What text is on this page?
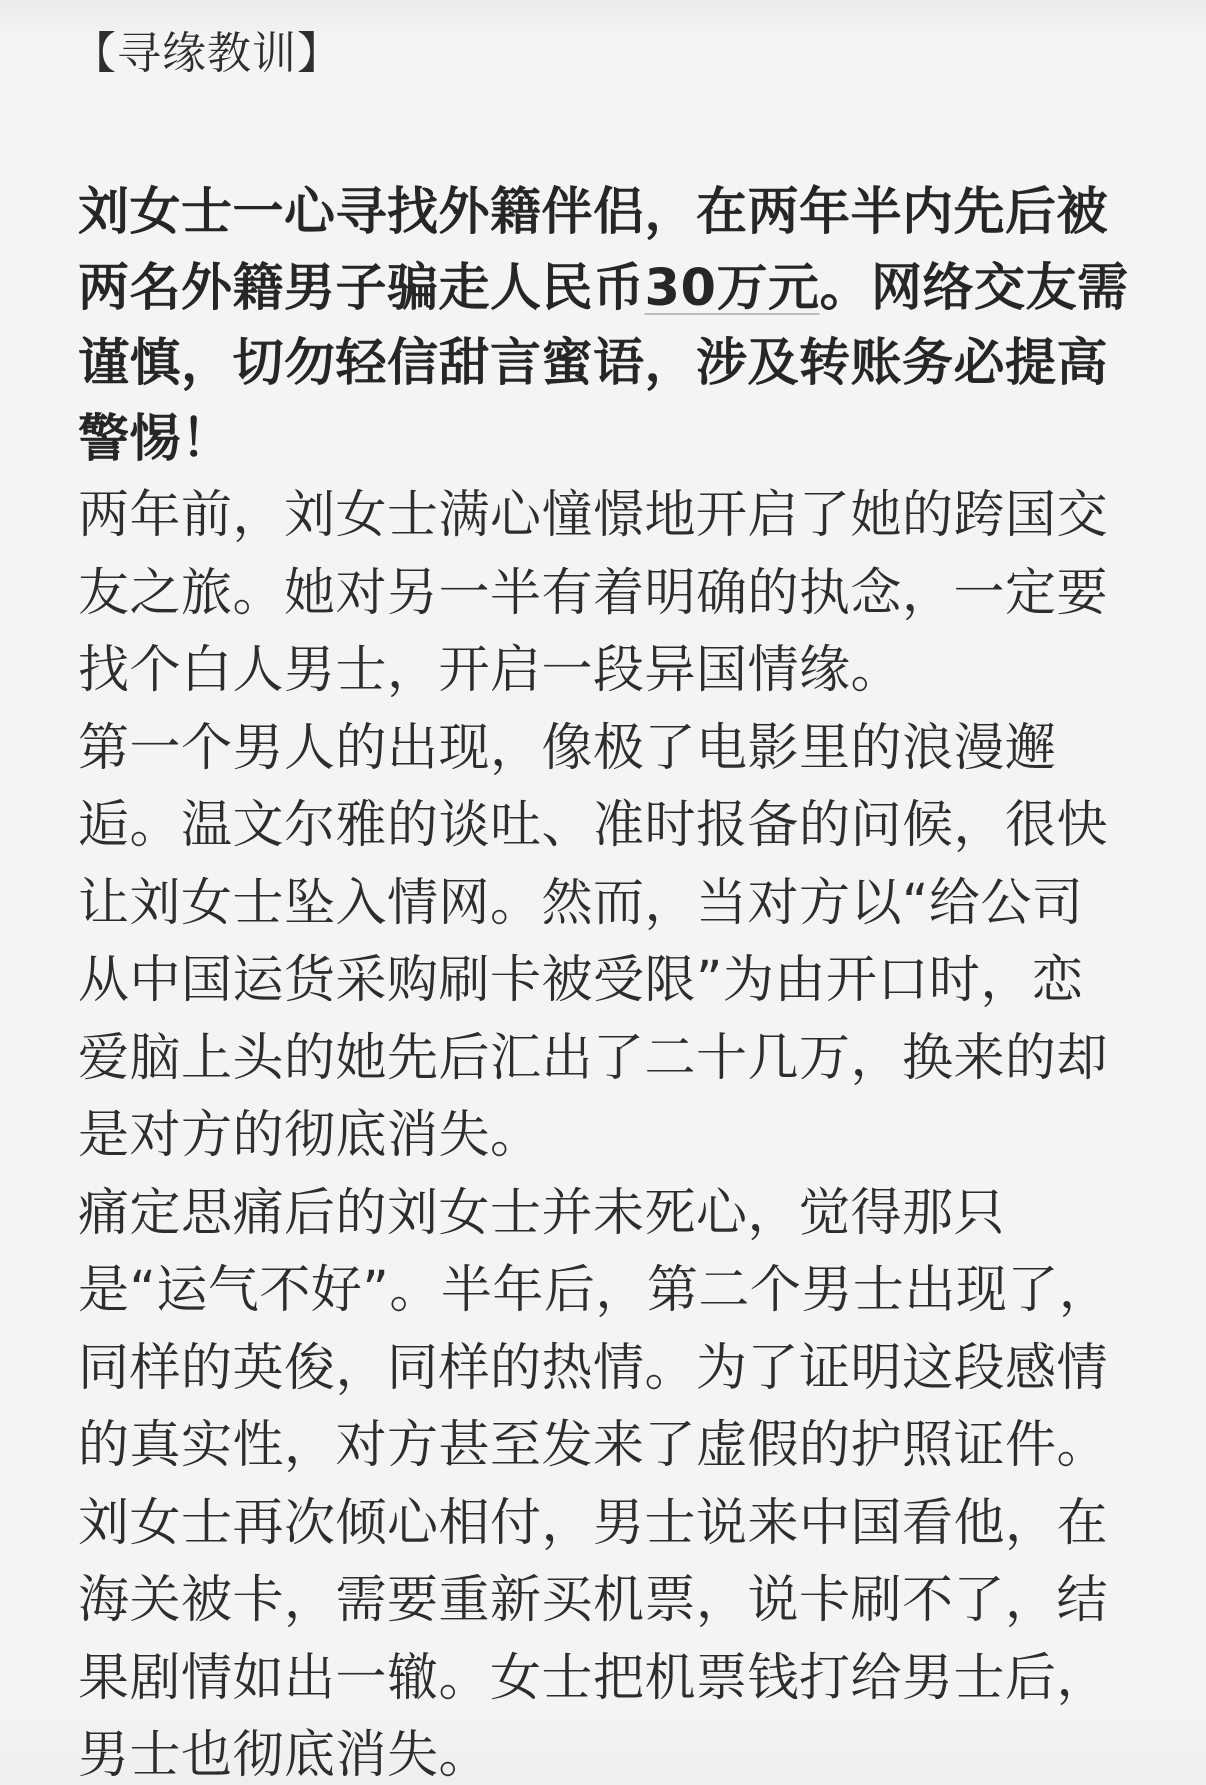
【寻缘教训】

刘女士一心寻找外籍伴侣，在两年半内先后被两名外籍男子骗走人民币30万元。网络交友需谨慎，切勿轻信甜言蜜语，涉及转账务必提高警惕！

两年前，刘女士满心憧憬地开启了她的跨国交友之旅。她对另一半有着明确的执念，一定要找个白人男士，开启一段异国情缘。

第一个男人的出现，像极了电影里的浪漫邂逅。温文尔雅的谈吐、准时报备的问候，很快让刘女士坠入情网。然而，当对方以“给公司从中国运货采购刷卡被受限”为由开口时，恋爱脑上头的她先后汇出了二十几万，换来的却是对方的彻底消失。

痛定思痛后的刘女士并未死心，觉得那只是“运气不好”。半年后，第二个男士出现了，同样的英俊，同样的热情。为了证明这段感情的真实性，对方甚至发来了虚假的护照证件。刘女士再次倾心相付，男士说来中国看他，在海关被卡，需要重新买机票，说卡刷不了，结果剧情如出一辙。女士把机票钱打给男士后，男士也彻底消失。
